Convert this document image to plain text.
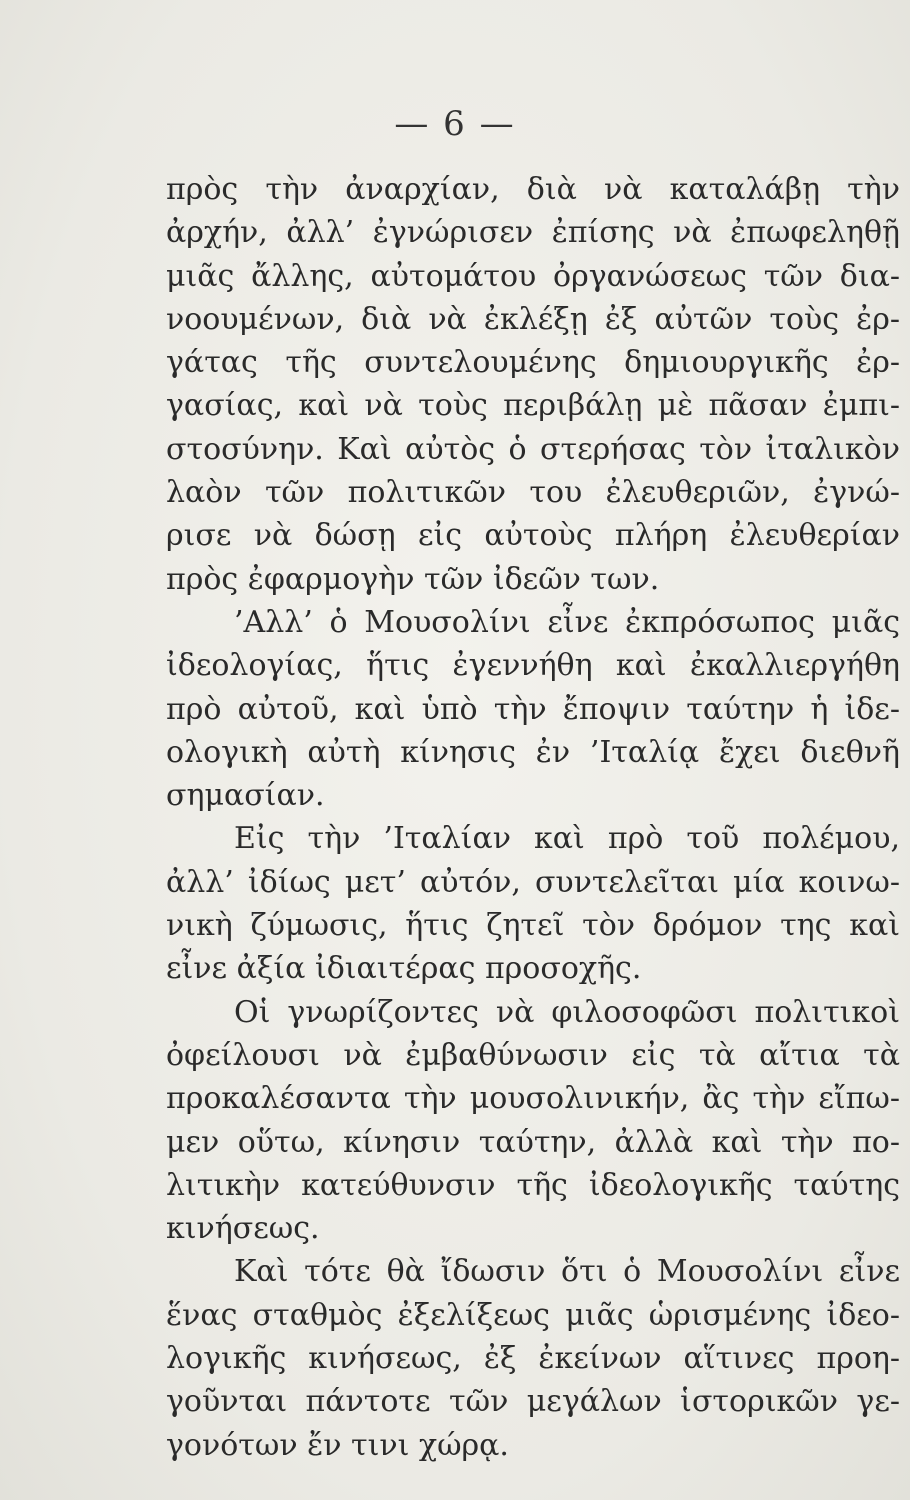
— 6 —
πρὸς τὴν ἀναρχίαν, διὰ νὰ καταλάβῃ τὴν
ἀρχήν, ἀλλ’ ἐγνώρισεν ἐπίσης νὰ ἐπωφεληθῇ
μιᾶς ἄλλης, αὐτομάτου ὀργανώσεως τῶν δια-
νοουμένων, διὰ νὰ ἐκλέξῃ ἐξ αὐτῶν τοὺς ἐρ-
γάτας τῆς συντελουμένης δημιουργικῆς ἐρ-
γασίας, καὶ νὰ τοὺς περιβάλῃ μὲ πᾶσαν ἐμπι-
στοσύνην. Καὶ αὐτὸς ὁ στερήσας τὸν ἰταλικὸν
λαὸν τῶν πολιτικῶν του ἐλευθεριῶν, ἐγνώ-
ρισε νὰ δώσῃ εἰς αὐτοὺς πλήρη ἐλευθερίαν
πρὸς ἐφαρμογὴν τῶν ἰδεῶν των.
’Αλλ’ ὁ Μουσολίνι εἶνε ἐκπρόσωπος μιᾶς
ἰδεολογίας, ἥτις ἐγεννήθη καὶ ἐκαλλιεργήθη
πρὸ αὐτοῦ, καὶ ὑπὸ τὴν ἔποψιν ταύτην ἡ ἰδε-
ολογικὴ αὐτὴ κίνησις ἐν ’Ιταλίᾳ ἔχει διεθνῆ
σημασίαν.
Εἰς τὴν ’Ιταλίαν καὶ πρὸ τοῦ πολέμου,
ἀλλ’ ἰδίως μετ’ αὐτόν, συντελεῖται μία κοινω-
νικὴ ζύμωσις, ἥτις ζητεῖ τὸν δρόμον της καὶ
εἶνε ἀξία ἰδιαιτέρας προσοχῆς.
Οἱ γνωρίζοντες νὰ φιλοσοφῶσι πολιτικοὶ
ὀφείλουσι νὰ ἐμβαθύνωσιν εἰς τὰ αἴτια τὰ
προκαλέσαντα τὴν μουσολινικήν, ἂς τὴν εἴπω-
μεν οὕτω, κίνησιν ταύτην, ἀλλὰ καὶ τὴν πο-
λιτικὴν κατεύθυνσιν τῆς ἰδεολογικῆς ταύτης
κινήσεως.
Καὶ τότε θὰ ἴδωσιν ὅτι ὁ Μουσολίνι εἶνε
ἕνας σταθμὸς ἐξελίξεως μιᾶς ὡρισμένης ἰδεο-
λογικῆς κινήσεως, ἐξ ἐκείνων αἵτινες προη-
γοῦνται πάντοτε τῶν μεγάλων ἱστορικῶν γε-
γονότων ἔν τινι χώρᾳ.
